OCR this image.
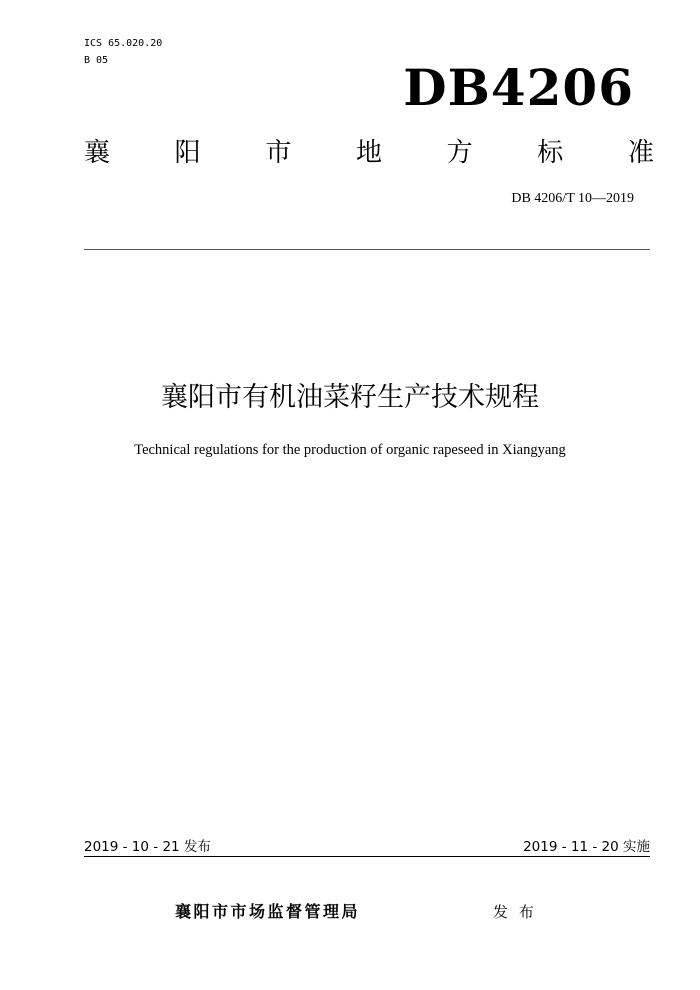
ICS 65.020.20
B 05	DB4206
襄 阳 市 地 方 标 准
DB 4206/T 10—2019
襄阳市有机油菜籽生产技术规程
Technical regulations for the production of organic rapeseed in Xiangyang
2019 - 10 - 21 发布	2019 - 11 - 20 实施
襄阳市市场监督管理局	发 布
